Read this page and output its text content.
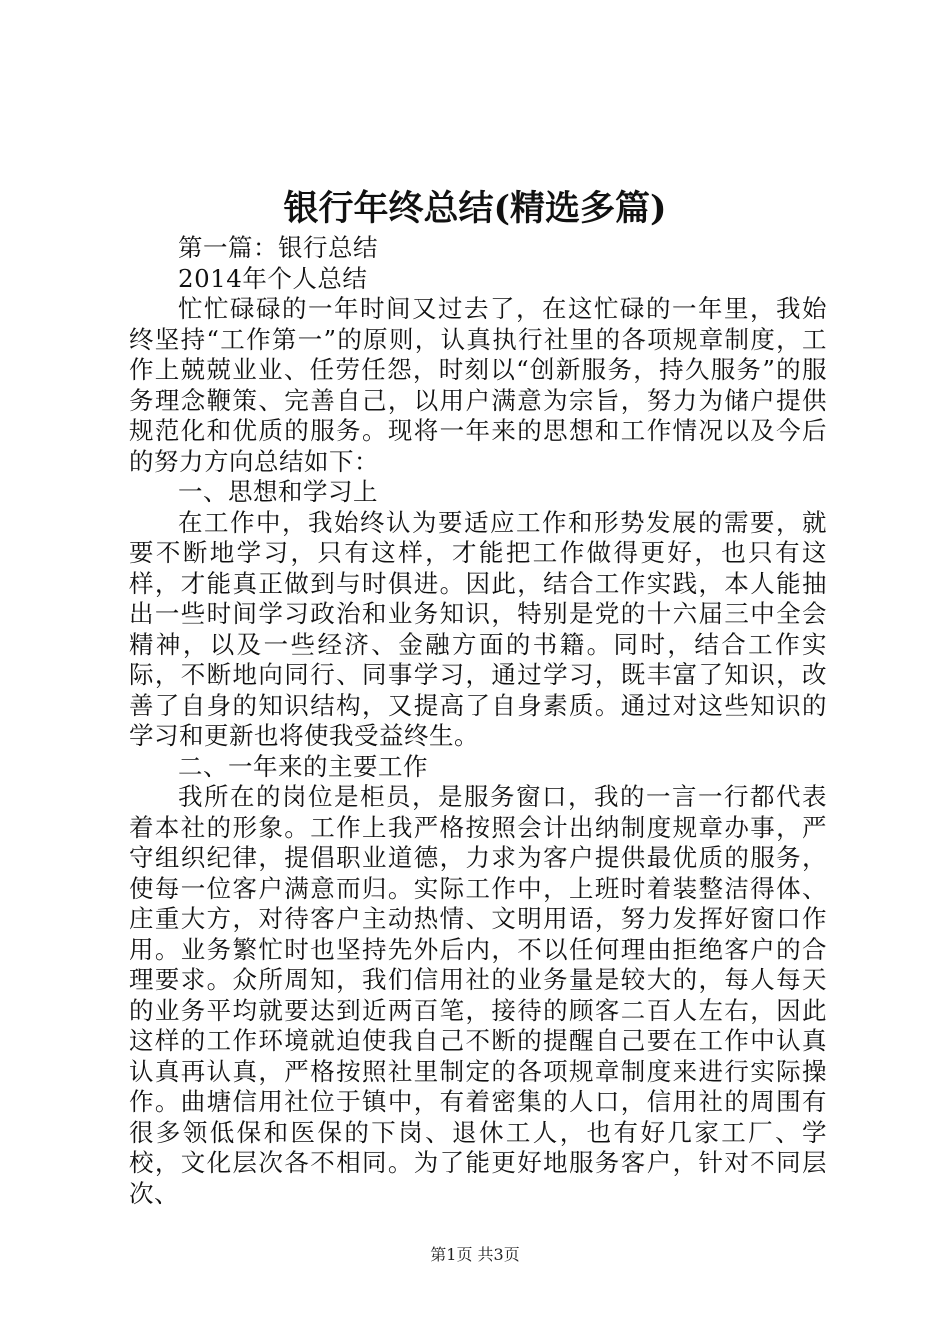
银行年终总结(精选多篇)

第一篇：银行总结

2014年个人总结

忙忙碌碌的一年时间又过去了，在这忙碌的一年里，我始终坚持“工作第一”的原则，认真执行社里的各项规章制度，工作上兢兢业业、任劳任怨，时刻以“创新服务，持久服务”的服务理念鞭策、完善自己，以用户满意为宗旨，努力为储户提供规范化和优质的服务。现将一年来的思想和工作情况以及今后的努力方向总结如下：

一、思想和学习上

在工作中，我始终认为要适应工作和形势发展的需要，就要不断地学习，只有这样，才能把工作做得更好，也只有这样，才能真正做到与时俱进。因此，结合工作实践，本人能抽出一些时间学习政治和业务知识，特别是党的十六届三中全会精神，以及一些经济、金融方面的书籍。同时，结合工作实际，不断地向同行、同事学习，通过学习，既丰富了知识，改善了自身的知识结构，又提高了自身素质。通过对这些知识的学习和更新也将使我受益终生。

二、一年来的主要工作

我所在的岗位是柜员，是服务窗口，我的一言一行都代表着本社的形象。工作上我严格按照会计出纳制度规章办事，严守组织纪律，提倡职业道德，力求为客户提供最优质的服务，使每一位客户满意而归。实际工作中，上班时着装整洁得体、庄重大方，对待客户主动热情、文明用语，努力发挥好窗口作用。业务繁忙时也坚持先外后内，不以任何理由拒绝客户的合理要求。众所周知，我们信用社的业务量是较大的，每人每天的业务平均就要达到近两百笔，接待的顾客二百人左右，因此这样的工作环境就迫使我自己不断的提醒自己要在工作中认真认真再认真，严格按照社里制定的各项规章制度来进行实际操作。曲塘信用社位于镇中，有着密集的人口，信用社的周围有很多领低保和医保的下岗、退休工人，也有好几家工厂、学校，文化层次各不相同。为了能更好地服务客户，针对不同层次、

第1页 共3页
